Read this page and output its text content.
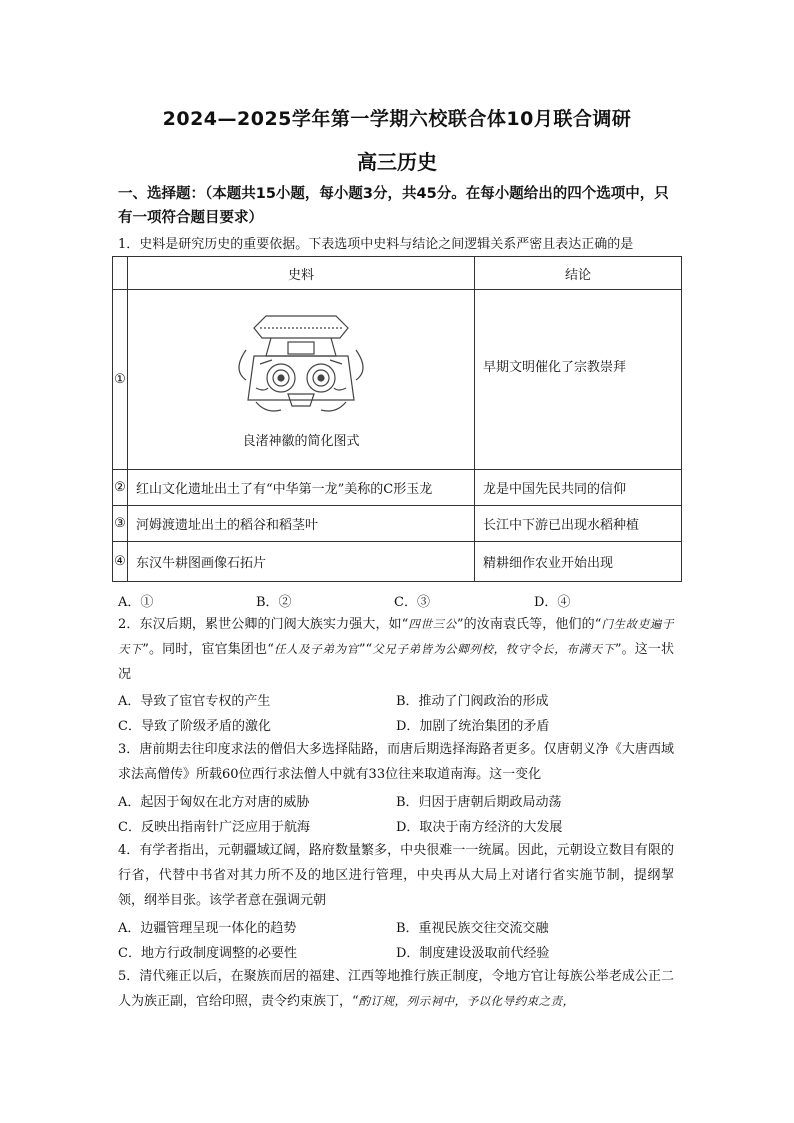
2024—2025学年第一学期六校联合体10月联合调研
高三历史
一、选择题：（本题共15小题，每小题3分，共45分。在每小题给出的四个选项中，只有一项符合题目要求）
1．史料是研究历史的重要依据。下表选项中史料与结论之间逻辑关系严密且表达正确的是
	史料	结论
①	良渚神徽的简化图式	早期文明催化了宗教崇拜
②	红山文化遗址出土了有“中华第一龙”美称的C形玉龙	龙是中国先民共同的信仰
③	河姆渡遗址出土的稻谷和稻茎叶	长江中下游已出现水稻种植
④	东汉牛耕图画像石拓片	精耕细作农业开始出现
A．①	B．②	C．③	D．④
2．东汉后期，累世公卿的门阀大族实力强大，如“四世三公”的汝南袁氏等，他们的“门生故吏遍于天下”。同时，宦官集团也“任人及子弟为官”“父兄子弟皆为公卿列校，牧守令长，布满天下”。这一状况
A．导致了宦官专权的产生	B．推动了门阀政治的形成
C．导致了阶级矛盾的激化	D．加剧了统治集团的矛盾
3．唐前期去往印度求法的僧侣大多选择陆路，而唐后期选择海路者更多。仅唐朝义净《大唐西域求法高僧传》所载60位西行求法僧人中就有33位往来取道南海。这一变化
A．起因于匈奴在北方对唐的威胁	B．归因于唐朝后期政局动荡
C．反映出指南针广泛应用于航海	D．取决于南方经济的大发展
4．有学者指出，元朝疆域辽阔，路府数量繁多，中央很难一一统属。因此，元朝设立数目有限的行省，代替中书省对其力所不及的地区进行管理，中央再从大局上对诸行省实施节制，提纲挈领，纲举目张。该学者意在强调元朝
A．边疆管理呈现一体化的趋势	B．重视民族交往交流交融
C．地方行政制度调整的必要性	D．制度建设汲取前代经验
5．清代雍正以后，在聚族而居的福建、江西等地推行族正制度，令地方官让每族公举老成公正二人为族正副，官给印照，责令约束族丁，“酌订规，列示祠中，予以化导约束之责，
